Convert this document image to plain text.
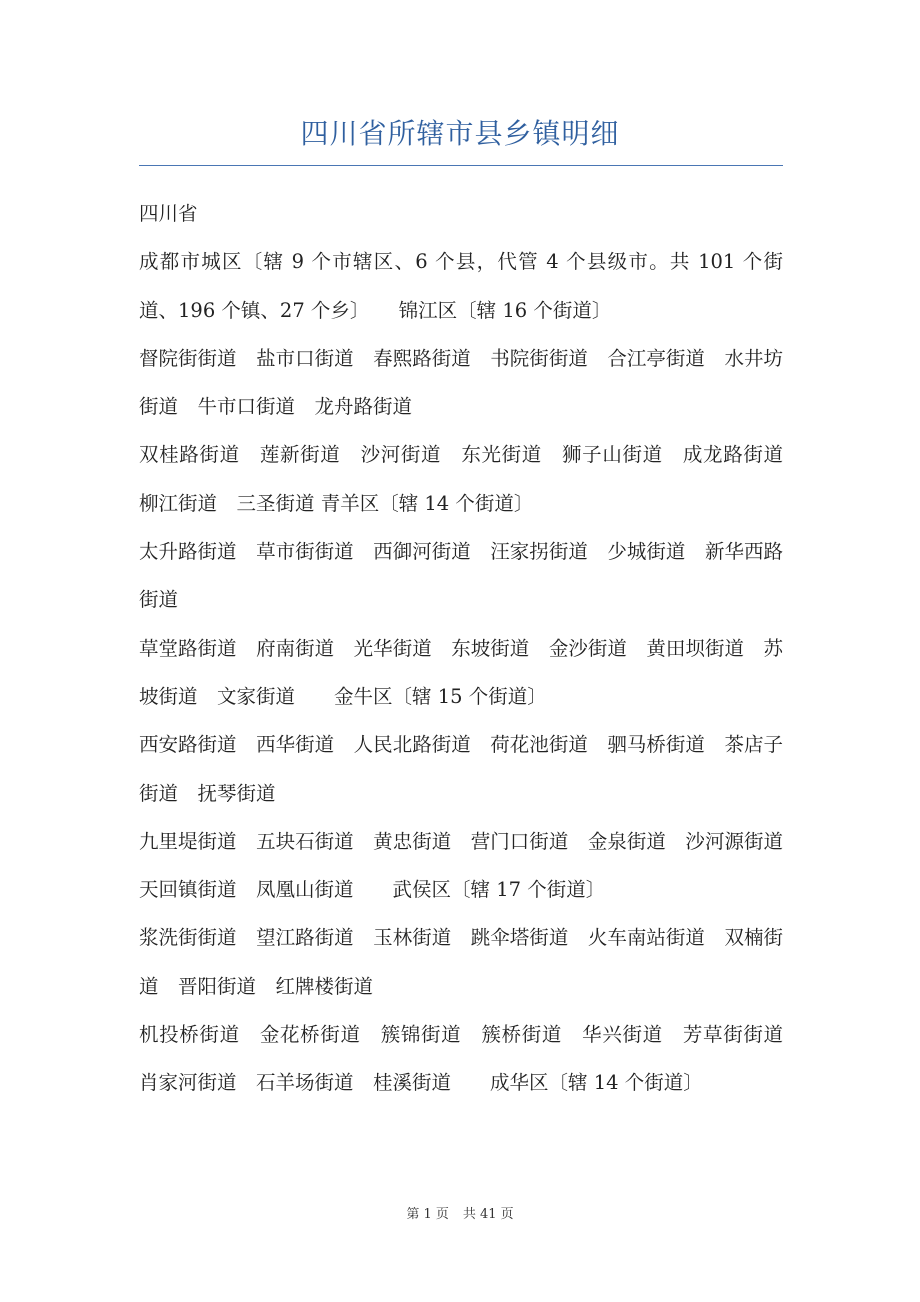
四川省所辖市县乡镇明细

四川省

成都市城区〔辖 9 个市辖区、6 个县，代管 4 个县级市。共 101 个街道、196 个镇、27 个乡〕　　锦江区〔辖 16 个街道〕

督院街街道　盐市口街道　春熙路街道　书院街街道　合江亭街道　水井坊街道　牛市口街道　龙舟路街道

双桂路街道　莲新街道　沙河街道　东光街道　狮子山街道　成龙路街道　柳江街道　三圣街道 青羊区〔辖 14 个街道〕

太升路街道　草市街街道　西御河街道　汪家拐街道　少城街道　新华西路街道

草堂路街道　府南街道　光华街道　东坡街道　金沙街道　黄田坝街道　苏坡街道　文家街道　　金牛区〔辖 15 个街道〕

西安路街道　西华街道　人民北路街道　荷花池街道　驷马桥街道　茶店子街道　抚琴街道

九里堤街道　五块石街道　黄忠街道　营门口街道　金泉街道　沙河源街道　天回镇街道　凤凰山街道　　武侯区〔辖 17 个街道〕

浆洗街街道　望江路街道　玉林街道　跳伞塔街道　火车南站街道　双楠街道　晋阳街道　红牌楼街道

机投桥街道　金花桥街道　簇锦街道　簇桥街道　华兴街道　芳草街街道　肖家河街道　石羊场街道　桂溪街道　　成华区〔辖 14 个街道〕

第 1 页 共 41 页
